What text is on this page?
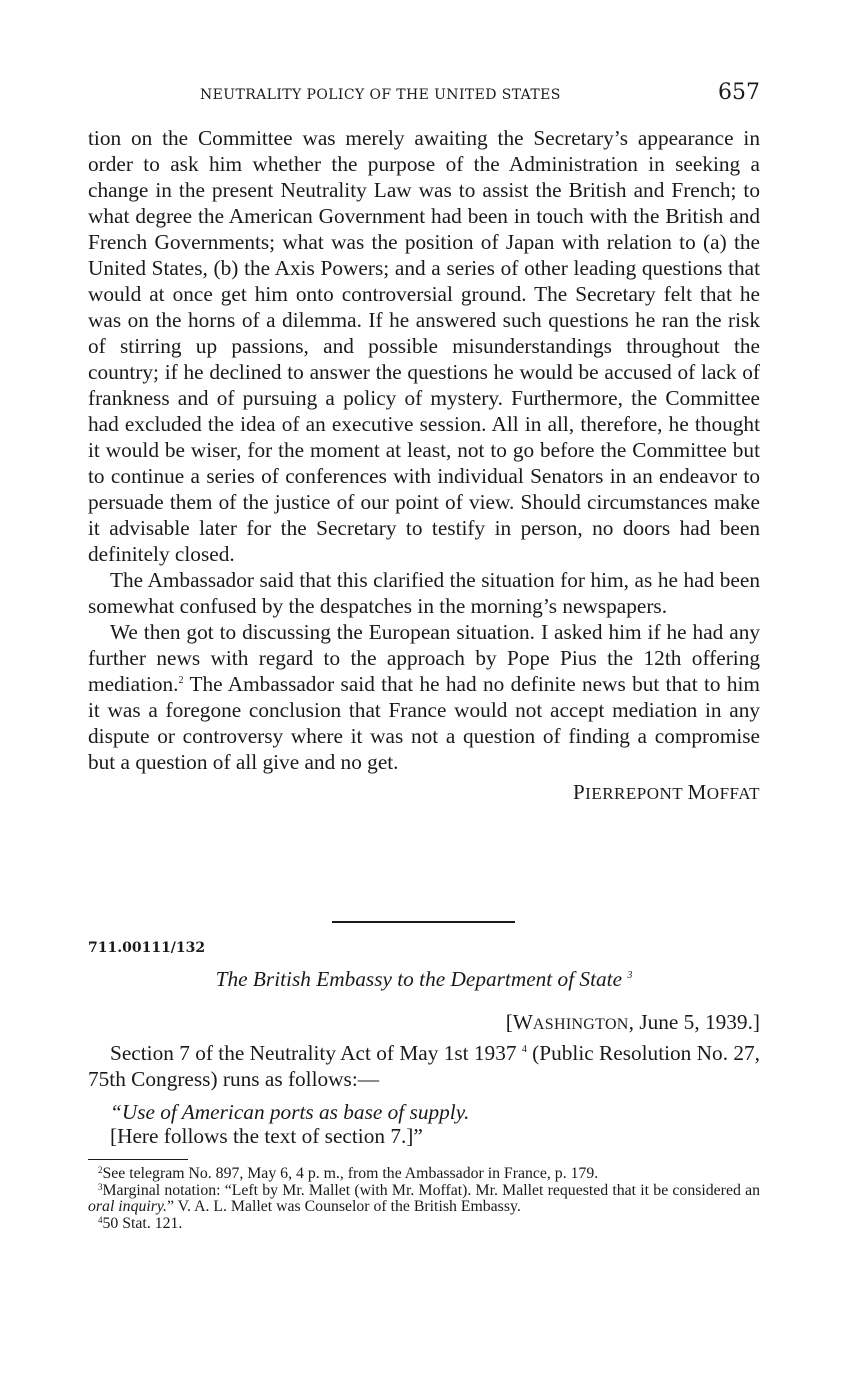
NEUTRALITY POLICY OF THE UNITED STATES	657

tion on the Committee was merely awaiting the Secretary’s appearance in order to ask him whether the purpose of the Administration in seeking a change in the present Neutrality Law was to assist the British and French; to what degree the American Government had been in touch with the British and French Governments; what was the position of Japan with relation to (a) the United States, (b) the Axis Powers; and a series of other leading questions that would at once get him onto controversial ground. The Secretary felt that he was on the horns of a dilemma. If he answered such questions he ran the risk of stirring up passions, and possible misunderstandings throughout the country; if he declined to answer the questions he would be accused of lack of frankness and of pursuing a policy of mystery. Furthermore, the Committee had excluded the idea of an executive session. All in all, therefore, he thought it would be wiser, for the moment at least, not to go before the Committee but to continue a series of conferences with individual Senators in an endeavor to persuade them of the justice of our point of view. Should circumstances make it advisable later for the Secretary to testify in person, no doors had been definitely closed.

The Ambassador said that this clarified the situation for him, as he had been somewhat confused by the despatches in the morning’s newspapers.

We then got to discussing the European situation. I asked him if he had any further news with regard to the approach by Pope Pius the 12th offering mediation.$^2$ The Ambassador said that he had no definite news but that to him it was a foregone conclusion that France would not accept mediation in any dispute or controversy where it was not a question of finding a compromise but a question of all give and no get.

PIERREPONT MOFFAT
711.00111/132
The British Embassy to the Department of State $^3$
[WASHINGTON, June 5, 1939.]

Section 7 of the Neutrality Act of May 1st 1937 $^4$ (Public Resolution No. 27, 75th Congress) runs as follows:—

“Use of American ports as base of supply.
[Here follows the text of section 7.]”

$^2$See telegram No. 897, May 6, 4 p. m., from the Ambassador in France, p. 179.

$^3$Marginal notation: “Left by Mr. Mallet (with Mr. Moffat). Mr. Mallet requested that it be considered an oral inquiry.” V. A. L. Mallet was Counselor of the British Embassy.

$^4$50 Stat. 121.
